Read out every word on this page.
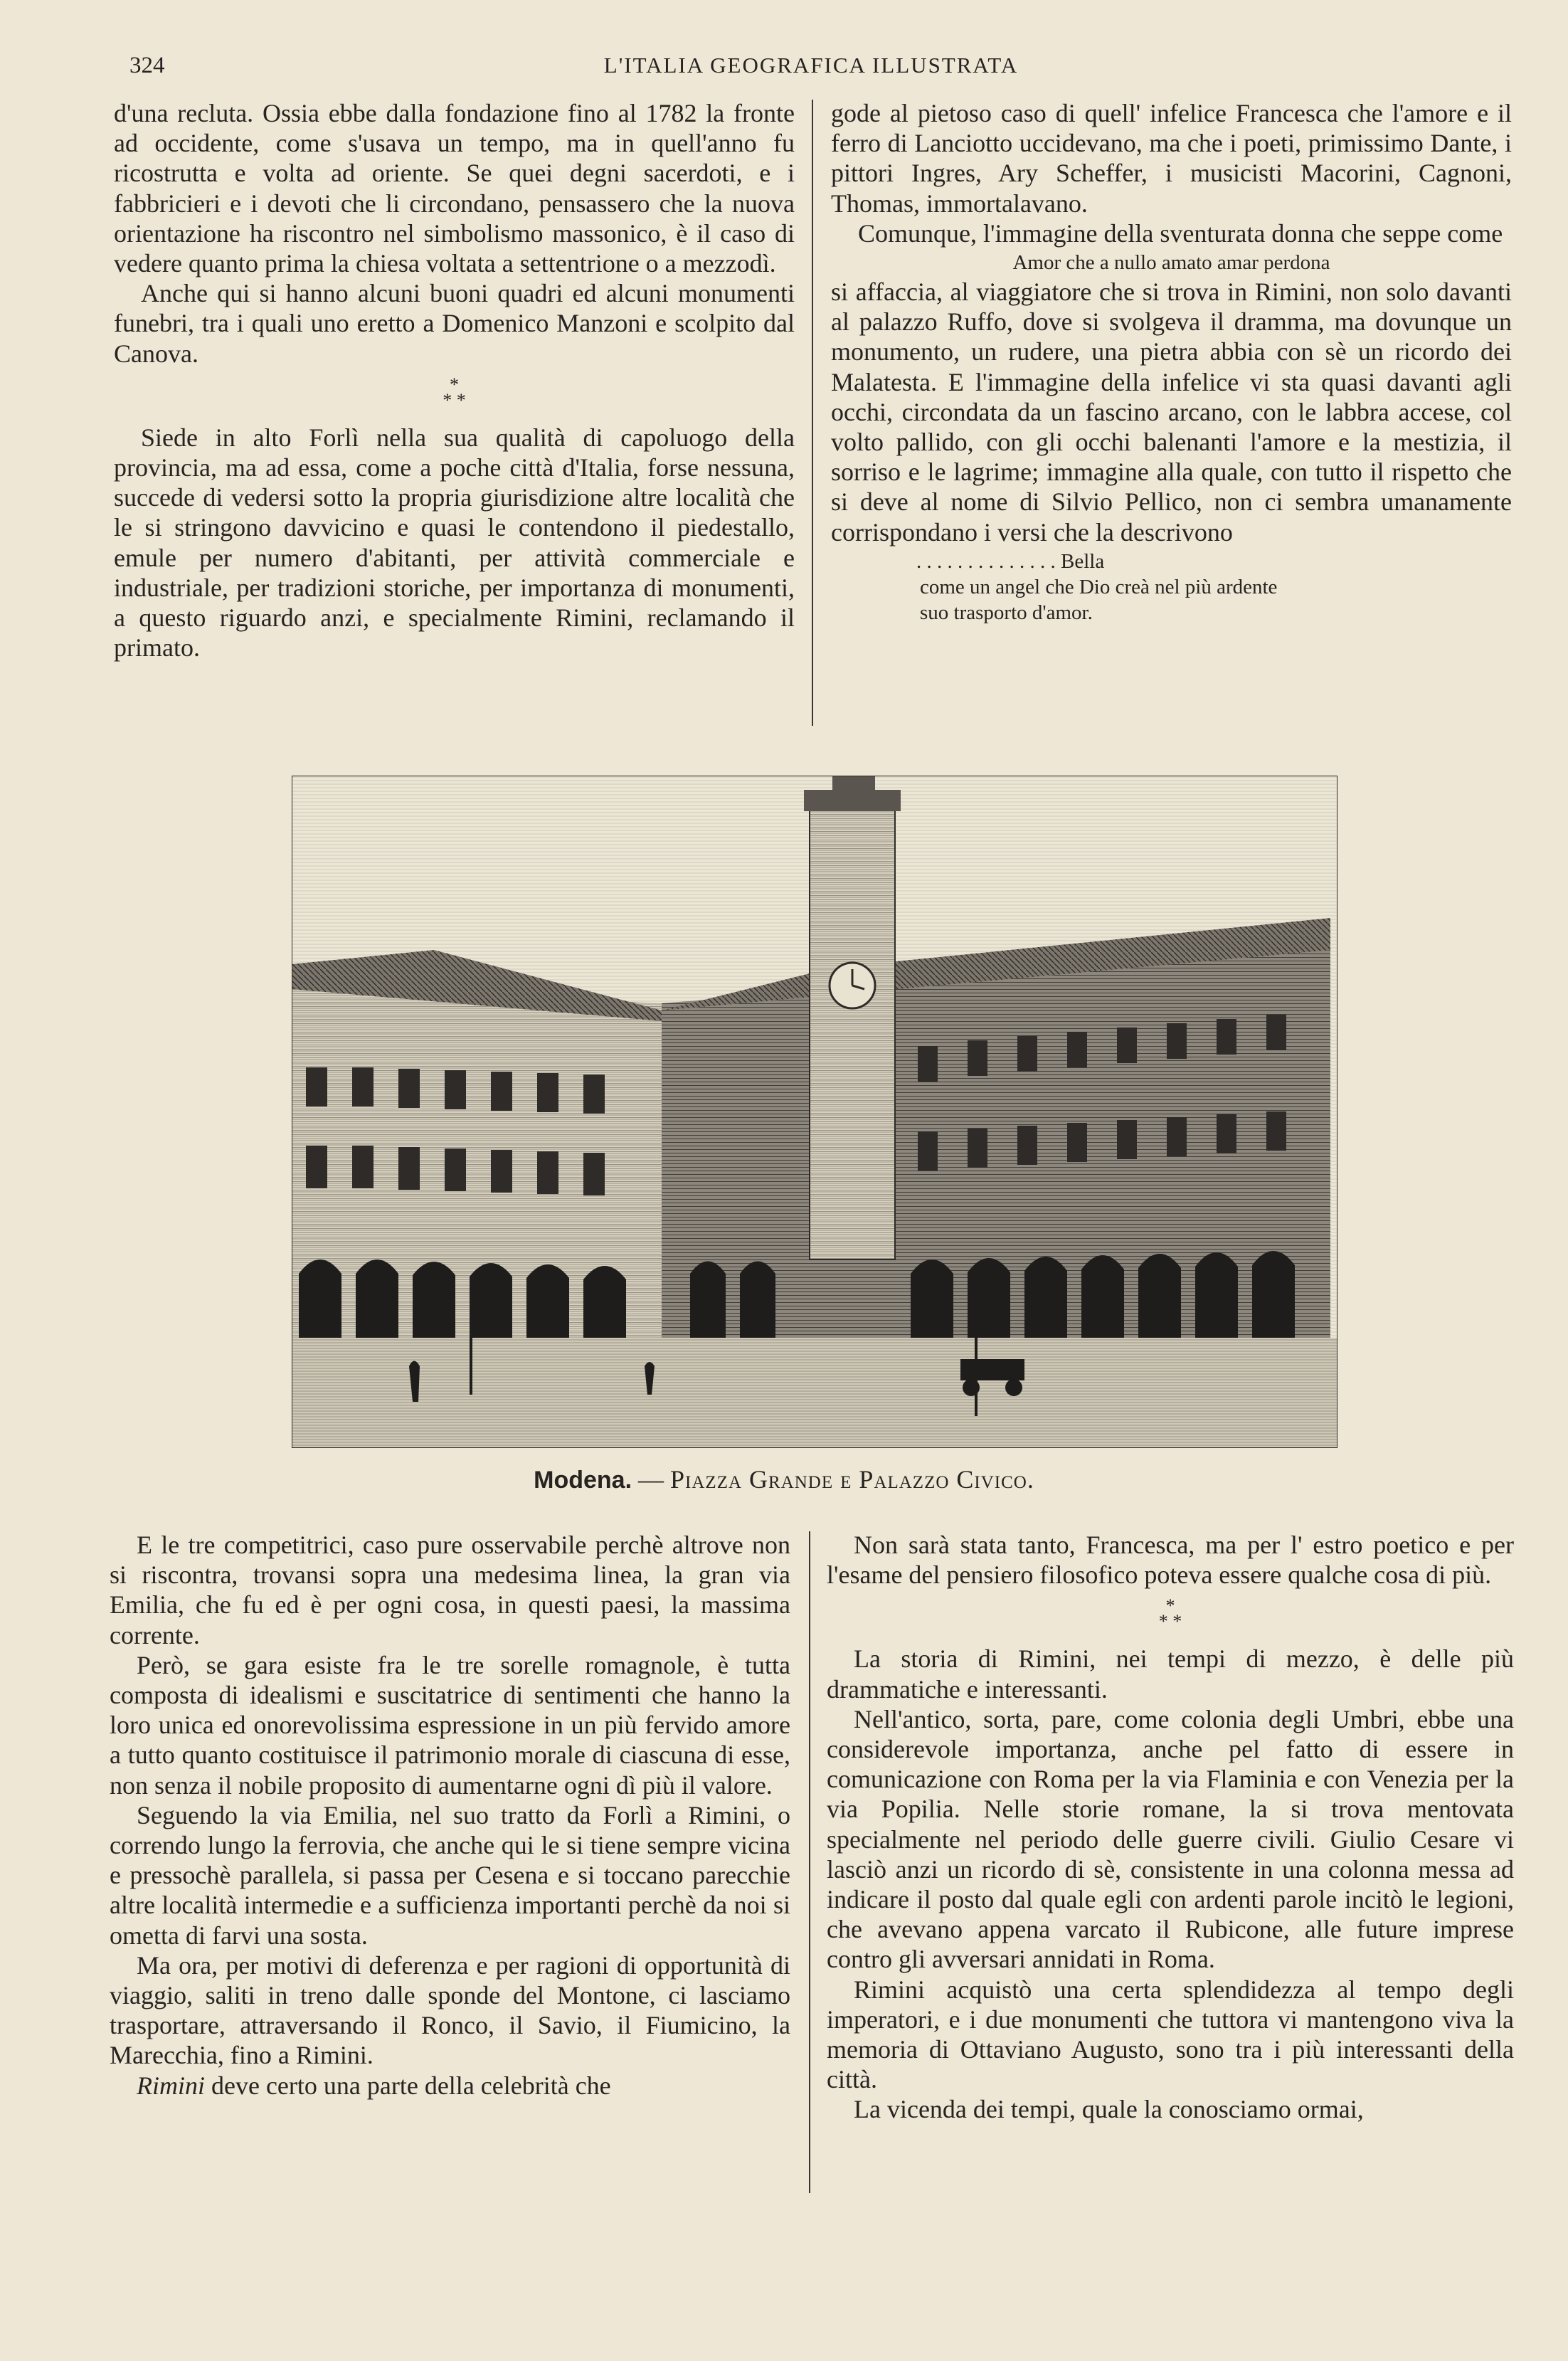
324	L'ITALIA GEOGRAFICA ILLUSTRATA

d'una recluta. Ossia ebbe dalla fondazione fino al 1782 la fronte ad occidente, come s'usava un tempo, ma in quell'anno fu ricostrutta e volta ad oriente. Se quei degni sacerdoti, e i fabbricieri e i devoti che li circondano, pensassero che la nuova orientazione ha riscontro nel simbolismo massonico, è il caso di vedere quanto prima la chiesa voltata a settentrione o a mezzodì.

Anche qui si hanno alcuni buoni quadri ed alcuni monumenti funebri, tra i quali uno eretto a Domenico Manzoni e scolpito dal Canova.

*
* *

Siede in alto Forlì nella sua qualità di capoluogo della provincia, ma ad essa, come a poche città d'Italia, forse nessuna, succede di vedersi sotto la propria giurisdizione altre località che le si stringono davvicino e quasi le contendono il piedestallo, emule per numero d'abitanti, per attività commerciale e industriale, per tradizioni storiche, per importanza di monumenti, a questo riguardo anzi, e specialmente Rimini, reclamando il primato.

gode al pietoso caso di quell' infelice Francesca che l'amore e il ferro di Lanciotto uccidevano, ma che i poeti, primissimo Dante, i pittori Ingres, Ary Scheffer, i musicisti Macorini, Cagnoni, Thomas, immortalavano.

Comunque, l'immagine della sventurata donna che seppe come

Amor che a nullo amato amar perdona

si affaccia, al viaggiatore che si trova in Rimini, non solo davanti al palazzo Ruffo, dove si svolgeva il dramma, ma dovunque un monumento, un rudere, una pietra abbia con sè un ricordo dei Malatesta. E l'immagine della infelice vi sta quasi davanti agli occhi, circondata da un fascino arcano, con le labbra accese, col volto pallido, con gli occhi balenanti l'amore e la mestizia, il sorriso e le lagrime; immagine alla quale, con tutto il rispetto che si deve al nome di Silvio Pellico, non ci sembra umanamente corrispondano i versi che la descrivono

. . . . . . . . . . . . . . Bella
come un angel che Dio creà nel più ardente
suo trasporto d'amor.
Modena. — Piazza Grande e Palazzo Civico.

E le tre competitrici, caso pure osservabile perchè altrove non si riscontra, trovansi sopra una medesima linea, la gran via Emilia, che fu ed è per ogni cosa, in questi paesi, la massima corrente.

Però, se gara esiste fra le tre sorelle romagnole, è tutta composta di idealismi e suscitatrice di sentimenti che hanno la loro unica ed onorevolissima espressione in un più fervido amore a tutto quanto costituisce il patrimonio morale di ciascuna di esse, non senza il nobile proposito di aumentarne ogni dì più il valore.

Seguendo la via Emilia, nel suo tratto da Forlì a Rimini, o correndo lungo la ferrovia, che anche qui le si tiene sempre vicina e pressochè parallela, si passa per Cesena e si toccano parecchie altre località intermedie e a sufficienza importanti perchè da noi si ometta di farvi una sosta.

Ma ora, per motivi di deferenza e per ragioni di opportunità di viaggio, saliti in treno dalle sponde del Montone, ci lasciamo trasportare, attraversando il Ronco, il Savio, il Fiumicino, la Marecchia, fino a Rimini.

Rimini deve certo una parte della celebrità che

Non sarà stata tanto, Francesca, ma per l' estro poetico e per l'esame del pensiero filosofico poteva essere qualche cosa di più.

*
* *

La storia di Rimini, nei tempi di mezzo, è delle più drammatiche e interessanti.

Nell'antico, sorta, pare, come colonia degli Umbri, ebbe una considerevole importanza, anche pel fatto di essere in comunicazione con Roma per la via Flaminia e con Venezia per la via Popilia. Nelle storie romane, la si trova mentovata specialmente nel periodo delle guerre civili. Giulio Cesare vi lasciò anzi un ricordo di sè, consistente in una colonna messa ad indicare il posto dal quale egli con ardenti parole incitò le legioni, che avevano appena varcato il Rubicone, alle future imprese contro gli avversari annidati in Roma.

Rimini acquistò una certa splendidezza al tempo degli imperatori, e i due monumenti che tuttora vi mantengono viva la memoria di Ottaviano Augusto, sono tra i più interessanti della città.

La vicenda dei tempi, quale la conosciamo ormai,
